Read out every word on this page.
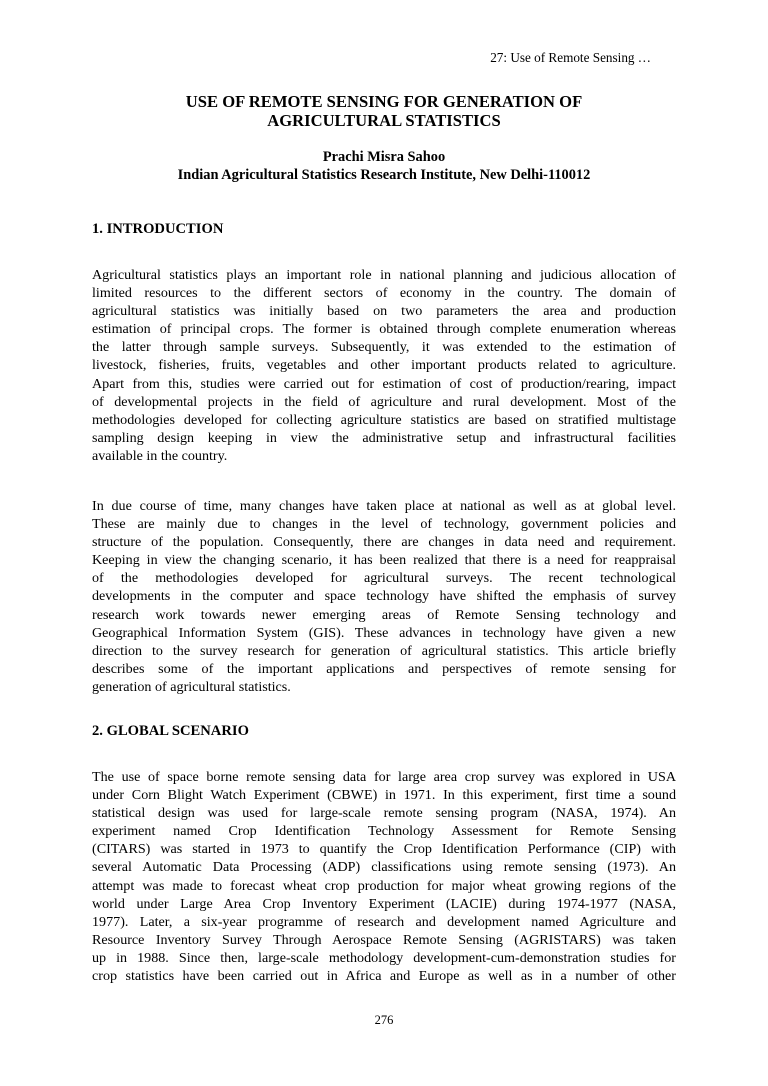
27: Use of Remote Sensing …
USE OF REMOTE SENSING FOR GENERATION OF
AGRICULTURAL STATISTICS
Prachi Misra Sahoo
Indian Agricultural Statistics Research Institute, New Delhi-110012
1. INTRODUCTION
Agricultural statistics plays an important role in national planning and judicious allocation of
limited resources to the different sectors of economy in the country. The domain of
agricultural statistics was initially based on two parameters the area and production
estimation of principal crops. The former is obtained through complete enumeration whereas
the latter through sample surveys. Subsequently, it was extended to the estimation of
livestock, fisheries, fruits, vegetables and other important products related to agriculture.
Apart from this, studies were carried out for estimation of cost of production/rearing, impact
of developmental projects in the field of agriculture and rural development. Most of the
methodologies developed for collecting agriculture statistics are based on stratified multistage
sampling design keeping in view the administrative setup and infrastructural facilities
available in the country.
In due course of time, many changes have taken place at national as well as at global level.
These are mainly due to changes in the level of technology, government policies and
structure of the population. Consequently, there are changes in data need and requirement.
Keeping in view the changing scenario, it has been realized that there is a need for reappraisal
of the methodologies developed for agricultural surveys. The recent technological
developments in the computer and space technology have shifted the emphasis of survey
research work towards newer emerging areas of Remote Sensing technology and
Geographical Information System (GIS). These advances in technology have given a new
direction to the survey research for generation of agricultural statistics. This article briefly
describes some of the important applications and perspectives of remote sensing for
generation of agricultural statistics.
2. GLOBAL SCENARIO
The use of space borne remote sensing data for large area crop survey was explored in USA
under Corn Blight Watch Experiment (CBWE) in 1971. In this experiment, first time a sound
statistical design was used for large-scale remote sensing program (NASA, 1974). An
experiment named Crop Identification Technology Assessment for Remote Sensing
(CITARS) was started in 1973 to quantify the Crop Identification Performance (CIP) with
several Automatic Data Processing (ADP) classifications using remote sensing (1973). An
attempt was made to forecast wheat crop production for major wheat growing regions of the
world under Large Area Crop Inventory Experiment (LACIE) during 1974-1977 (NASA,
1977). Later, a six-year programme of research and development named Agriculture and
Resource Inventory Survey Through Aerospace Remote Sensing (AGRISTARS) was taken
up in 1988. Since then, large-scale methodology development-cum-demonstration studies for
crop statistics have been carried out in Africa and Europe as well as in a number of other
276
